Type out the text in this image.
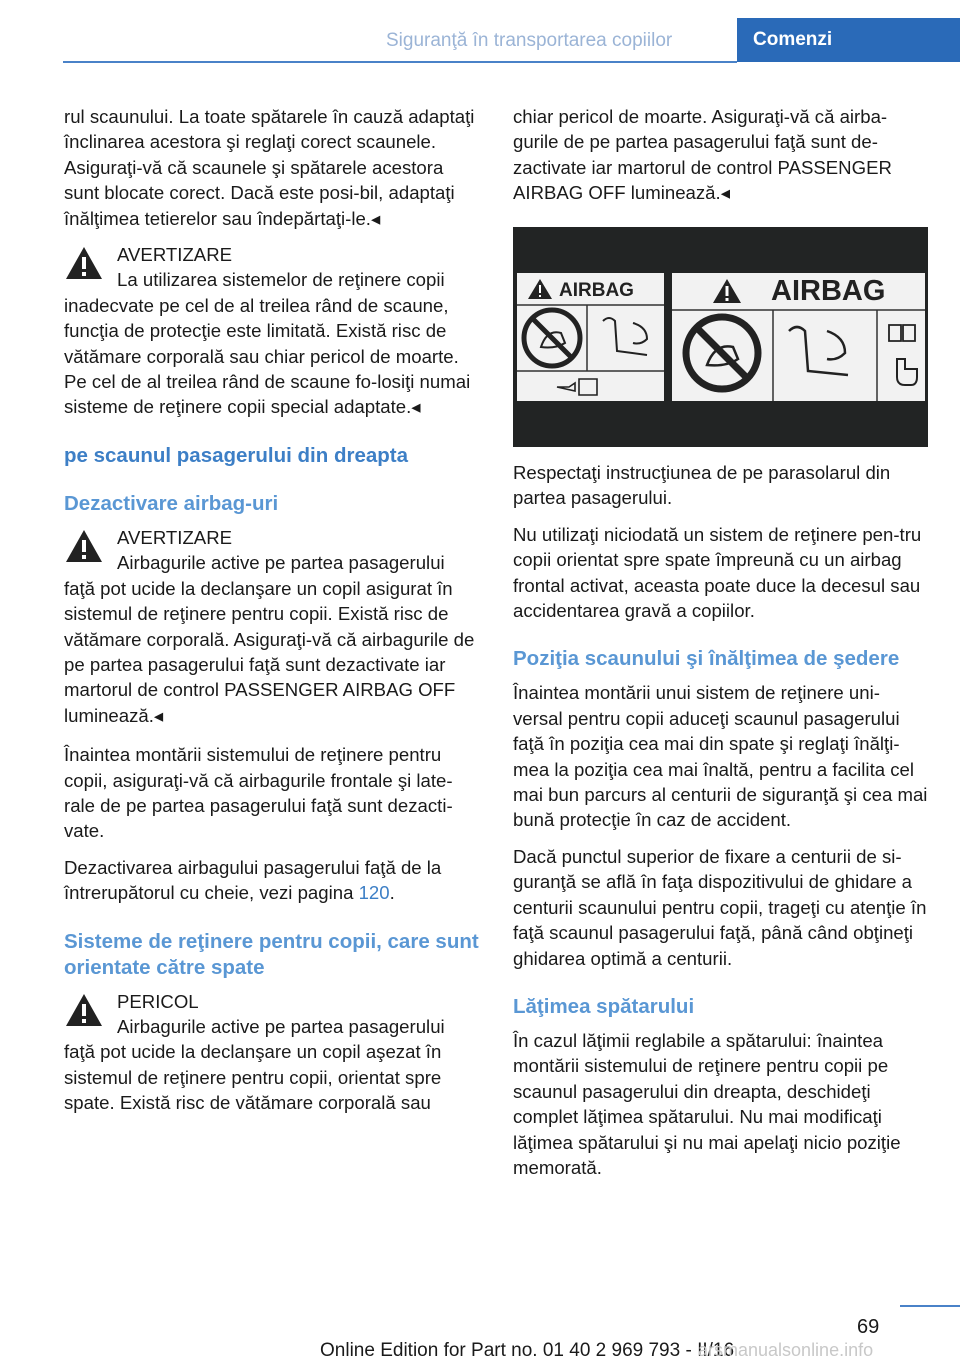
Siguranţă în transportarea copiilor	Comenzi

rul scaunului. La toate spătarele în cauză adaptaţi înclinarea acestora şi reglaţi corect scaunele. Asiguraţi-vă că scaunele şi spătarele acestora sunt blocate corect. Dacă este posi-bil, adaptaţi înălţimea tetierelor sau îndepărtaţi-le.◂

AVERTIZARE

La utilizarea sistemelor de reţinere copii

inadecvate pe cel de al treilea rând de scaune, funcţia de protecţie este limitată. Există risc de vătămare corporală sau chiar pericol de moarte. Pe cel de al treilea rând de scaune fo-losiţi numai sisteme de reţinere copii special adaptate.◂

pe scaunul pasagerului din dreapta
Dezactivare airbag-uri

AVERTIZARE

Airbagurile active pe partea pasagerului

faţă pot ucide la declanşare un copil asigurat în sistemul de reţinere pentru copii. Există risc de vătămare corporală. Asiguraţi-vă că airbagurile de pe partea pasagerului faţă sunt dezactivate iar martorul de control PASSENGER AIRBAG OFF luminează.◂

Înaintea montării sistemului de reţinere pentru copii, asiguraţi-vă că airbagurile frontale şi late-rale de pe partea pasagerului faţă sunt dezacti-vate.

Dezactivarea airbagului pasagerului faţă de la întrerupătorul cu cheie, vezi pagina 120.

Sisteme de reţinere pentru copii, care sunt orientate către spate

PERICOL

Airbagurile active pe partea pasagerului

faţă pot ucide la declanşare un copil aşezat în sistemul de reţinere pentru copii, orientat spre spate. Există risc de vătămare corporală sau

chiar pericol de moarte. Asiguraţi-vă că airba-gurile de pe partea pasagerului faţă sunt de-zactivate iar martorul de control PASSENGER AIRBAG OFF luminează.◂

AIRBAG	AIRBAG

Respectaţi instrucţiunea de pe parasolarul din partea pasagerului.

Nu utilizaţi niciodată un sistem de reţinere pen-tru copii orientat spre spate împreună cu un airbag frontal activat, aceasta poate duce la decesul sau accidentarea gravă a copiilor.

Poziţia scaunului şi înălţimea de şedere

Înaintea montării unui sistem de reţinere uni-versal pentru copii aduceţi scaunul pasagerului faţă în poziţia cea mai din spate şi reglaţi înălţi-mea la poziţia cea mai înaltă, pentru a facilita cel mai bun parcurs al centurii de siguranţă şi cea mai bună protecţie în caz de accident.

Dacă punctul superior de fixare a centurii de si-guranţă se află în faţa dispozitivului de ghidare a centurii scaunului pentru copii, trageţi cu atenţie în faţă scaunul pasagerului faţă, până când obţineţi ghidarea optimă a centurii.

Lăţimea spătarului

În cazul lăţimii reglabile a spătarului: înaintea montării sistemului de reţinere pentru copii pe scaunul pasagerului din dreapta, deschideţi complet lăţimea spătarului. Nu mai modificaţi lăţimea spătarului şi nu mai apelaţi nicio poziţie memorată.

69
Online Edition for Part no. 01 40 2 969 793 - II/16
arsmanualsonline.info
